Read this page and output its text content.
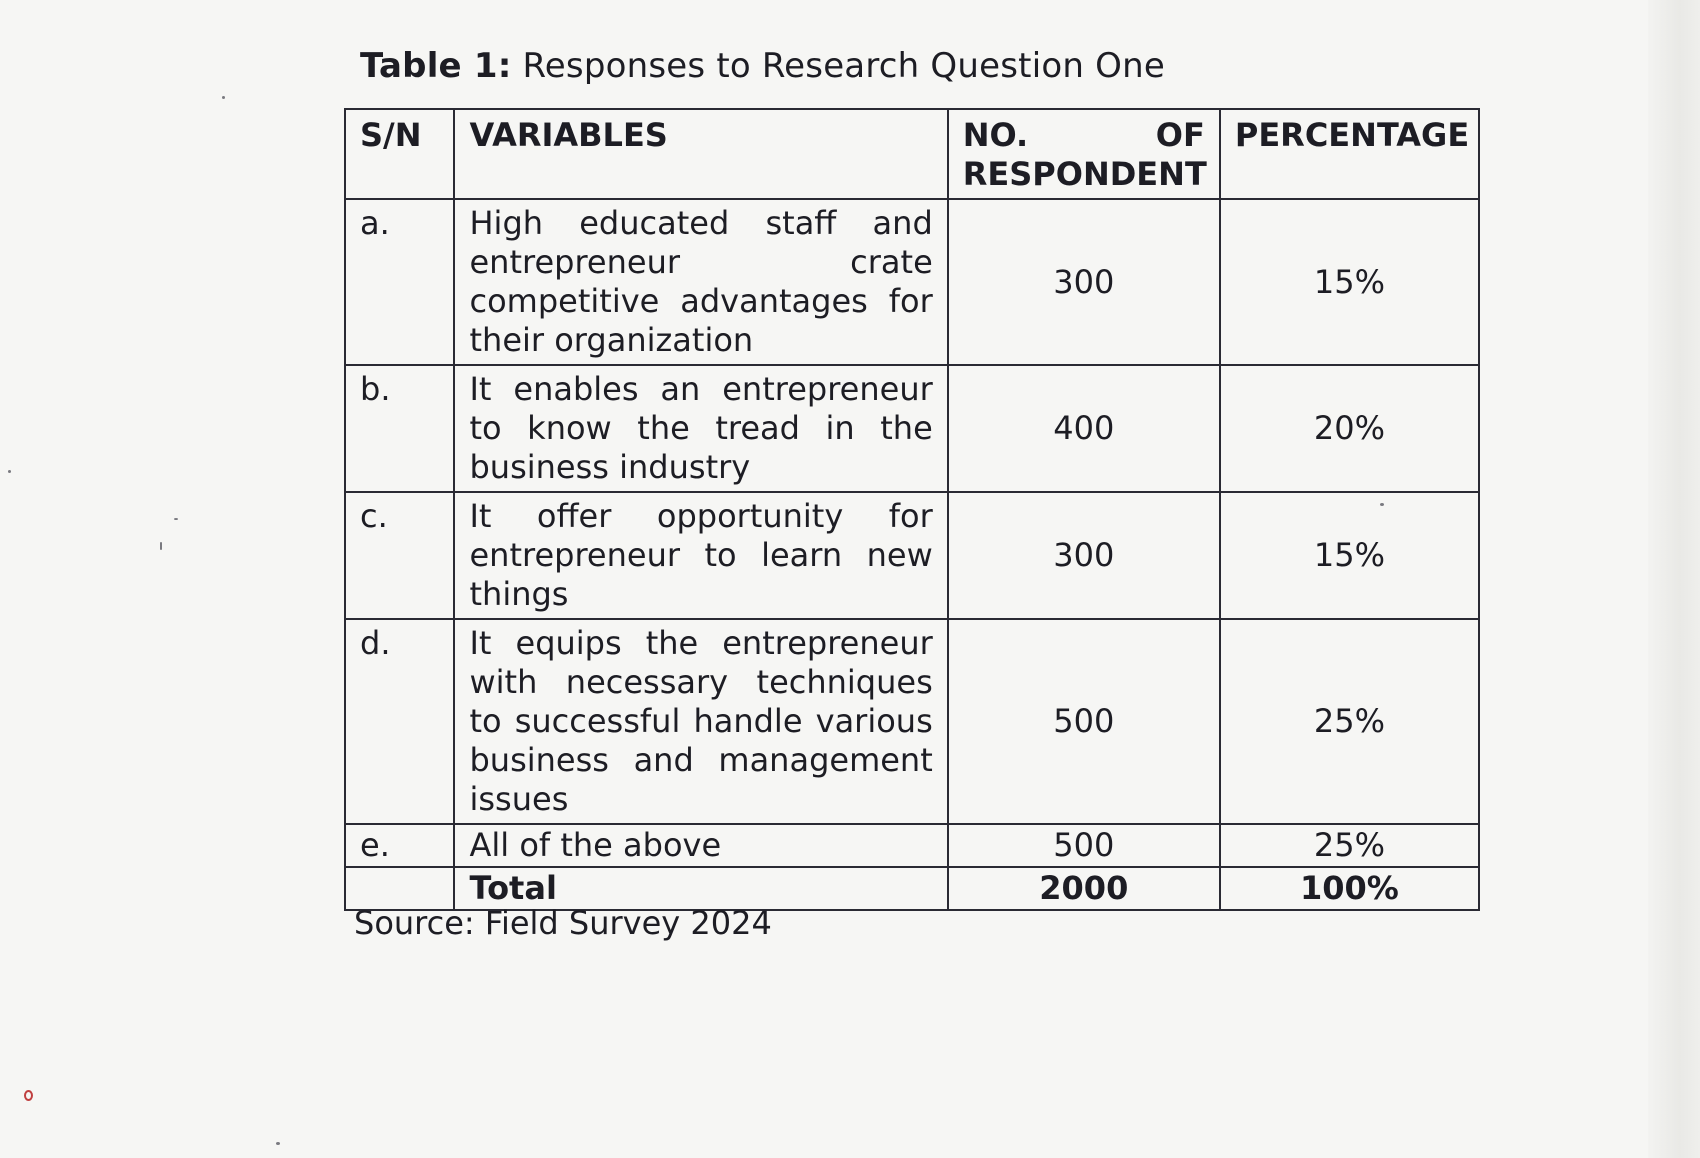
Table 1: Responses to Research Question One
S/N	VARIABLES	NO. OF RESPONDENT	PERCENTAGE
a.	High educated staff and entrepreneur crate competitive advantages for their organization	300	15%
b.	It enables an entrepreneur to know the tread in the business industry	400	20%
c.	It offer opportunity for entrepreneur to learn new things	300	15%
d.	It equips the entrepreneur with necessary techniques to successful handle various business and management issues	500	25%
e.	All of the above	500	25%
	Total	2000	100%
Source: Field Survey 2024
